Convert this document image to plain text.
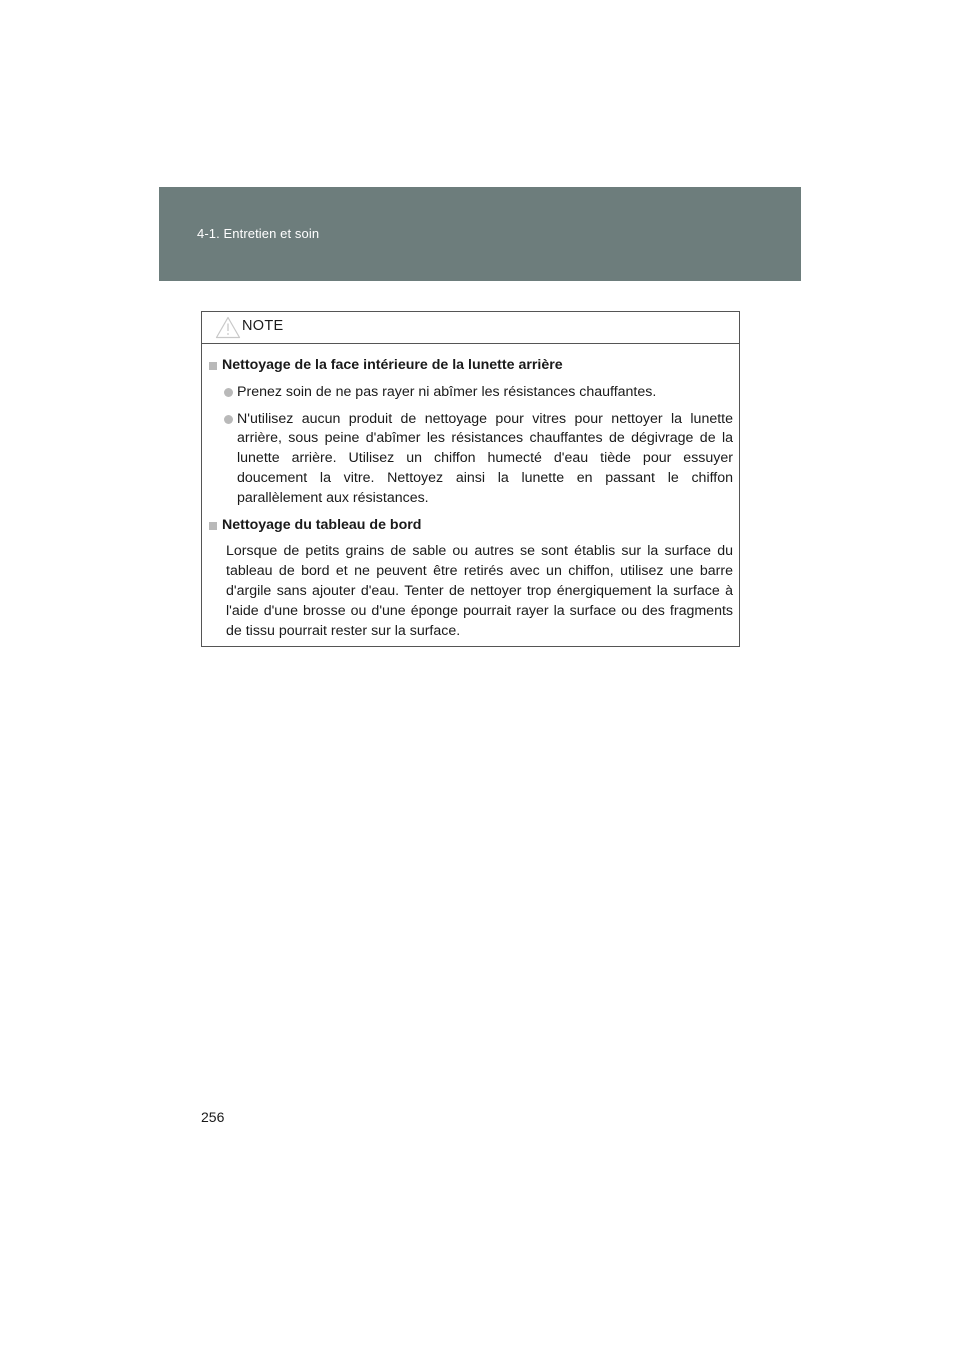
4-1. Entretien et soin
NOTE
Nettoyage de la face intérieure de la lunette arrière
Prenez soin de ne pas rayer ni abîmer les résistances chauffantes.
N'utilisez aucun produit de nettoyage pour vitres pour nettoyer la lunette arrière, sous peine d'abîmer les résistances chauffantes de dégivrage de la lunette arrière. Utilisez un chiffon humecté d'eau tiède pour essuyer doucement la vitre. Nettoyez ainsi la lunette en passant le chiffon parallèlement aux résistances.
Nettoyage du tableau de bord
Lorsque de petits grains de sable ou autres se sont établis sur la surface du tableau de bord et ne peuvent être retirés avec un chiffon, utilisez une barre d'argile sans ajouter d'eau. Tenter de nettoyer trop énergiquement la surface à l'aide d'une brosse ou d'une éponge pourrait rayer la surface ou des fragments de tissu pourrait rester sur la surface.
256
